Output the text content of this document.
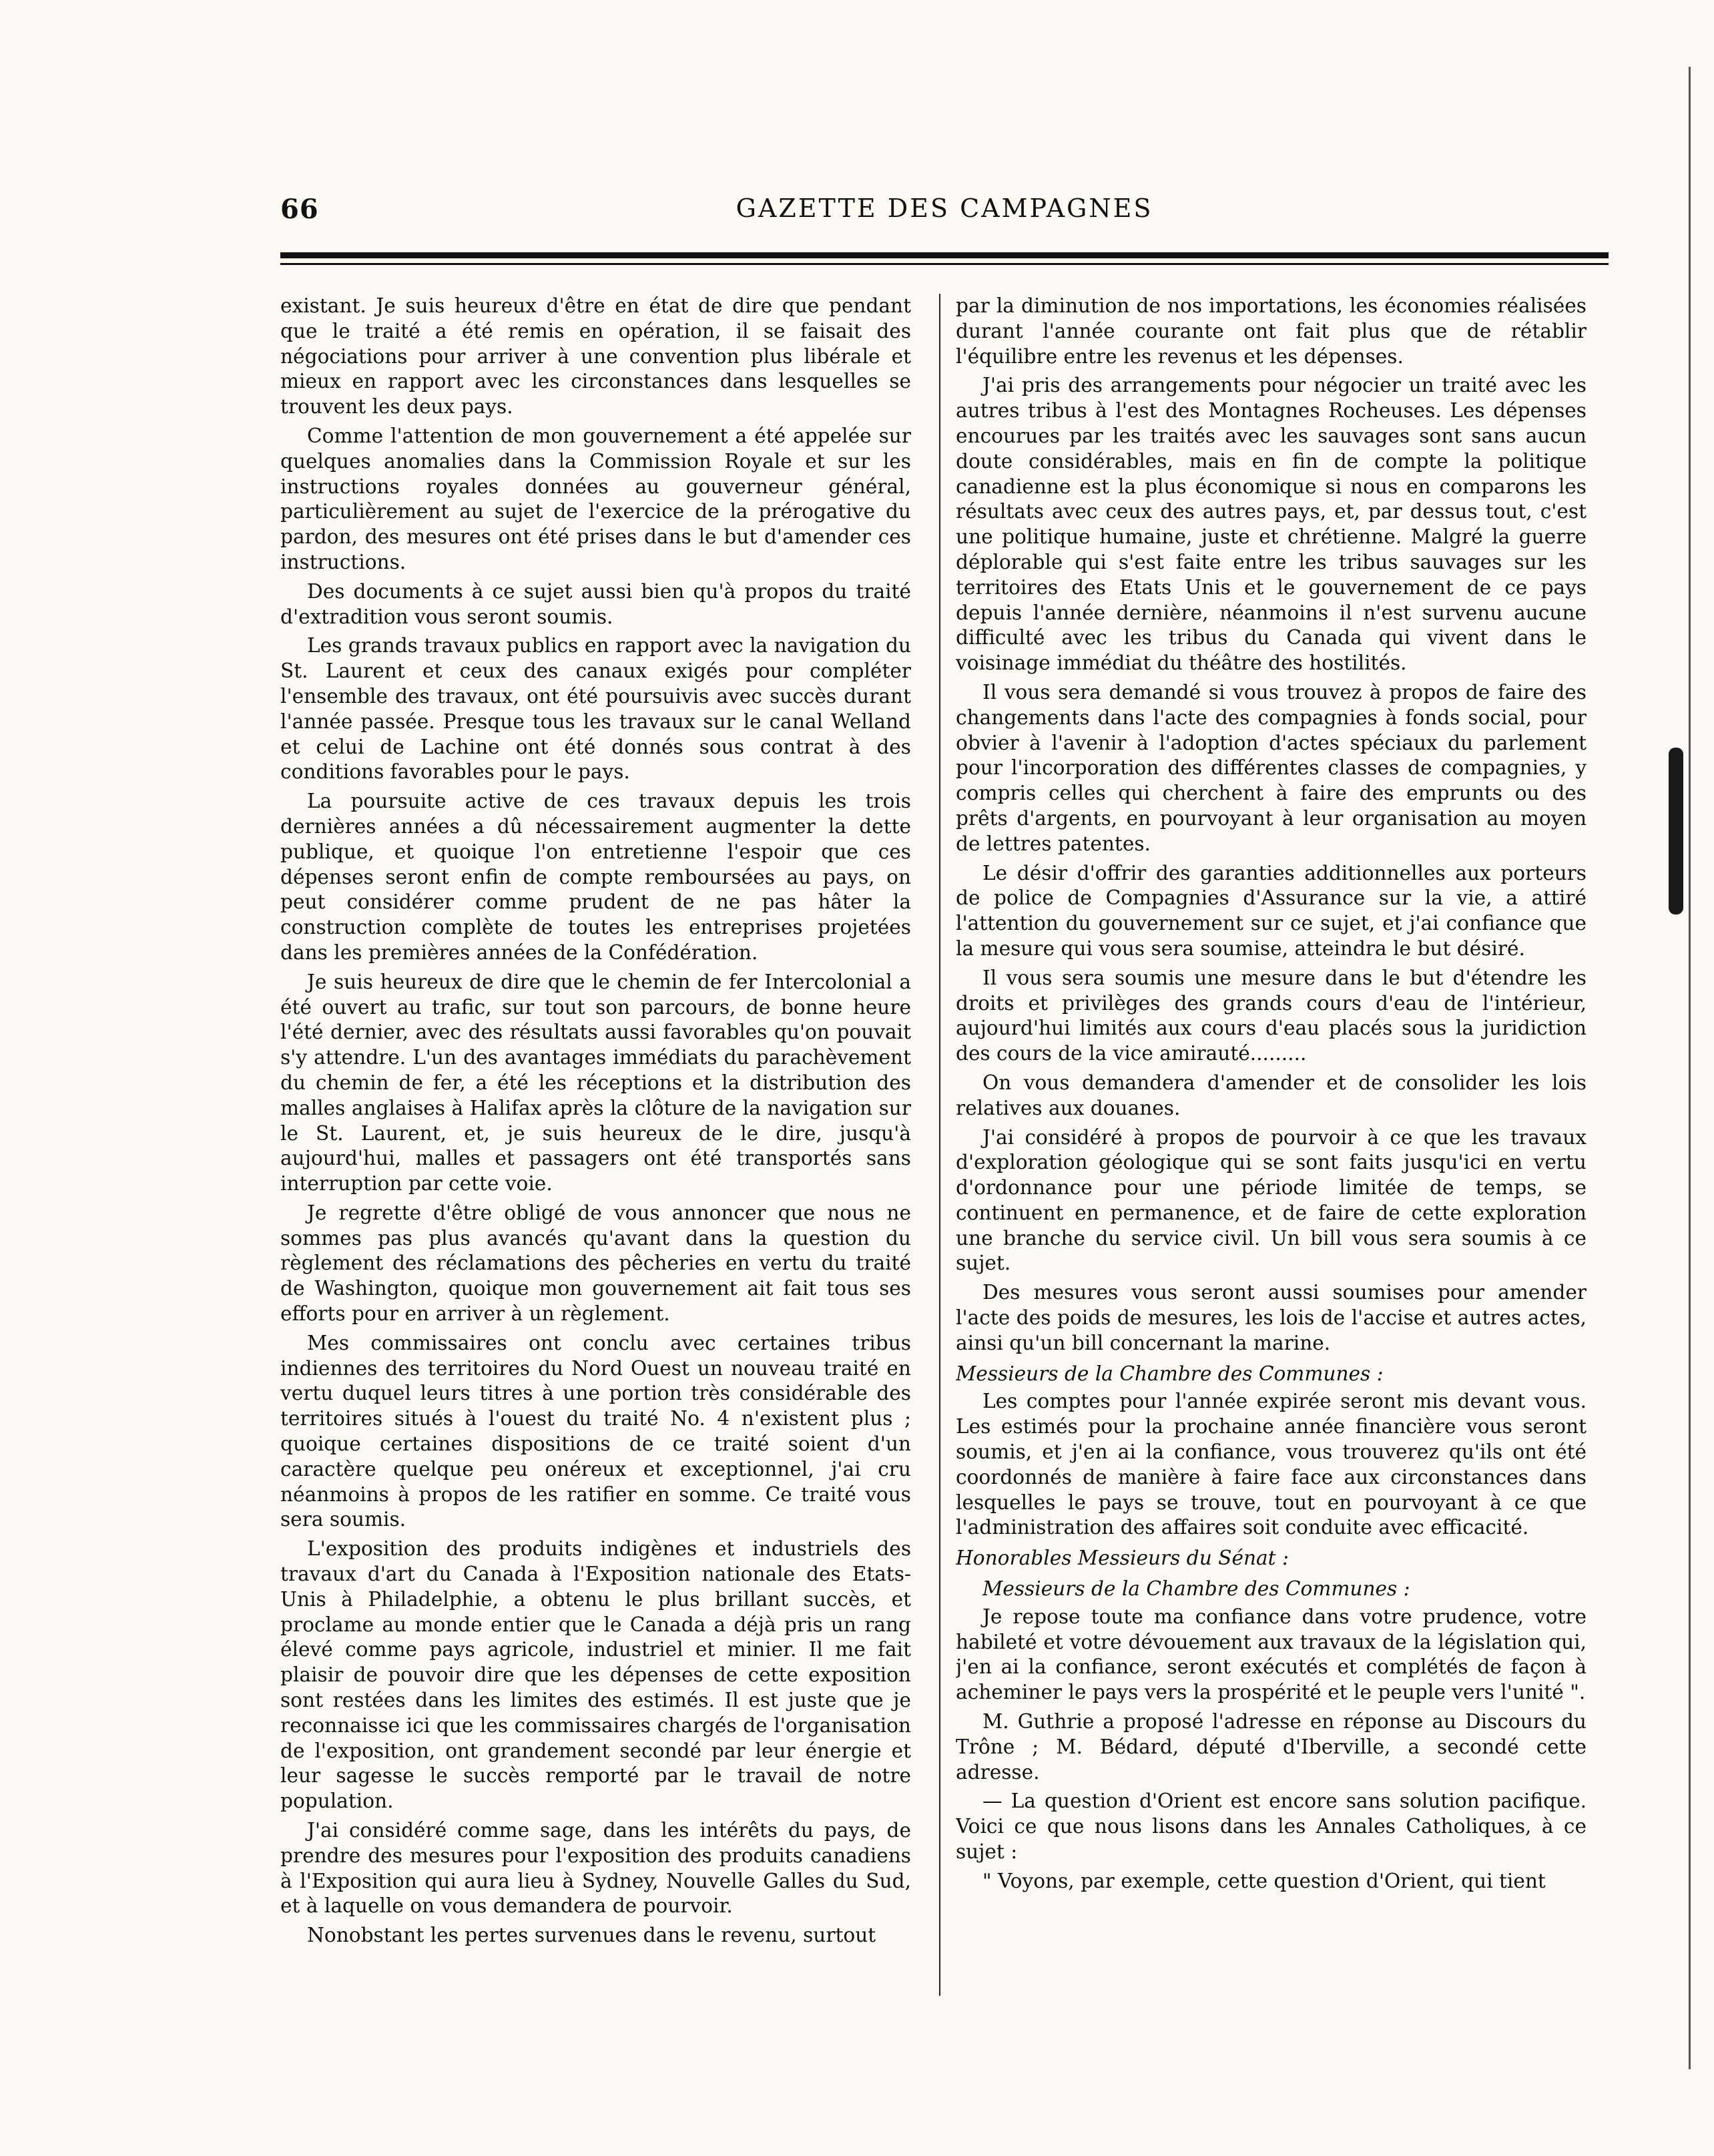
66	GAZETTE DES CAMPAGNES

existant. Je suis heureux d'être en état de dire que pendant que le traité a été remis en opération, il se faisait des négociations pour arriver à une convention plus libérale et mieux en rapport avec les circonstances dans lesquelles se trouvent les deux pays.

Comme l'attention de mon gouvernement a été appelée sur quelques anomalies dans la Commission Royale et sur les instructions royales données au gouverneur général, particulièrement au sujet de l'exercice de la prérogative du pardon, des mesures ont été prises dans le but d'amender ces instructions.

Des documents à ce sujet aussi bien qu'à propos du traité d'extradition vous seront soumis.

Les grands travaux publics en rapport avec la navigation du St. Laurent et ceux des canaux exigés pour compléter l'ensemble des travaux, ont été poursuivis avec succès durant l'année passée. Presque tous les travaux sur le canal Welland et celui de Lachine ont été donnés sous contrat à des conditions favorables pour le pays.

La poursuite active de ces travaux depuis les trois dernières années a dû nécessairement augmenter la dette publique, et quoique l'on entretienne l'espoir que ces dépenses seront enfin de compte remboursées au pays, on peut considérer comme prudent de ne pas hâter la construction complète de toutes les entreprises projetées dans les premières années de la Confédération.

Je suis heureux de dire que le chemin de fer Intercolonial a été ouvert au trafic, sur tout son parcours, de bonne heure l'été dernier, avec des résultats aussi favorables qu'on pouvait s'y attendre. L'un des avantages immédiats du parachèvement du chemin de fer, a été les réceptions et la distribution des malles anglaises à Halifax après la clôture de la navigation sur le St. Laurent, et, je suis heureux de le dire, jusqu'à aujourd'hui, malles et passagers ont été transportés sans interruption par cette voie.

Je regrette d'être obligé de vous annoncer que nous ne sommes pas plus avancés qu'avant dans la question du règlement des réclamations des pêcheries en vertu du traité de Washington, quoique mon gouvernement ait fait tous ses efforts pour en arriver à un règlement.

Mes commissaires ont conclu avec certaines tribus indiennes des territoires du Nord Ouest un nouveau traité en vertu duquel leurs titres à une portion très considérable des territoires situés à l'ouest du traité No. 4 n'existent plus ; quoique certaines dispositions de ce traité soient d'un caractère quelque peu onéreux et exceptionnel, j'ai cru néanmoins à propos de les ratifier en somme. Ce traité vous sera soumis.

L'exposition des produits indigènes et industriels des travaux d'art du Canada à l'Exposition nationale des Etats-Unis à Philadelphie, a obtenu le plus brillant succès, et proclame au monde entier que le Canada a déjà pris un rang élevé comme pays agricole, industriel et minier. Il me fait plaisir de pouvoir dire que les dépenses de cette exposition sont restées dans les limites des estimés. Il est juste que je reconnaisse ici que les commissaires chargés de l'organisation de l'exposition, ont grandement secondé par leur énergie et leur sagesse le succès remporté par le travail de notre population.

J'ai considéré comme sage, dans les intérêts du pays, de prendre des mesures pour l'exposition des produits canadiens à l'Exposition qui aura lieu à Sydney, Nouvelle Galles du Sud, et à laquelle on vous demandera de pourvoir.

Nonobstant les pertes survenues dans le revenu, surtout

par la diminution de nos importations, les économies réalisées durant l'année courante ont fait plus que de rétablir l'équilibre entre les revenus et les dépenses.

J'ai pris des arrangements pour négocier un traité avec les autres tribus à l'est des Montagnes Rocheuses. Les dépenses encourues par les traités avec les sauvages sont sans aucun doute considérables, mais en fin de compte la politique canadienne est la plus économique si nous en comparons les résultats avec ceux des autres pays, et, par dessus tout, c'est une politique humaine, juste et chrétienne. Malgré la guerre déplorable qui s'est faite entre les tribus sauvages sur les territoires des Etats Unis et le gouvernement de ce pays depuis l'année dernière, néanmoins il n'est survenu aucune difficulté avec les tribus du Canada qui vivent dans le voisinage immédiat du théâtre des hostilités.

Il vous sera demandé si vous trouvez à propos de faire des changements dans l'acte des compagnies à fonds social, pour obvier à l'avenir à l'adoption d'actes spéciaux du parlement pour l'incorporation des différentes classes de compagnies, y compris celles qui cherchent à faire des emprunts ou des prêts d'argents, en pourvoyant à leur organisation au moyen de lettres patentes.

Le désir d'offrir des garanties additionnelles aux porteurs de police de Compagnies d'Assurance sur la vie, a attiré l'attention du gouvernement sur ce sujet, et j'ai confiance que la mesure qui vous sera soumise, atteindra le but désiré.

Il vous sera soumis une mesure dans le but d'étendre les droits et privilèges des grands cours d'eau de l'intérieur, aujourd'hui limités aux cours d'eau placés sous la juridiction des cours de la vice amirauté.........

On vous demandera d'amender et de consolider les lois relatives aux douanes.

J'ai considéré à propos de pourvoir à ce que les travaux d'exploration géologique qui se sont faits jusqu'ici en vertu d'ordonnance pour une période limitée de temps, se continuent en permanence, et de faire de cette exploration une branche du service civil. Un bill vous sera soumis à ce sujet.

Des mesures vous seront aussi soumises pour amender l'acte des poids de mesures, les lois de l'accise et autres actes, ainsi qu'un bill concernant la marine.

Messieurs de la Chambre des Communes :

Les comptes pour l'année expirée seront mis devant vous. Les estimés pour la prochaine année financière vous seront soumis, et j'en ai la confiance, vous trouverez qu'ils ont été coordonnés de manière à faire face aux circonstances dans lesquelles le pays se trouve, tout en pourvoyant à ce que l'administration des affaires soit conduite avec efficacité.

Honorables Messieurs du Sénat :

Messieurs de la Chambre des Communes :

Je repose toute ma confiance dans votre prudence, votre habileté et votre dévouement aux travaux de la législation qui, j'en ai la confiance, seront exécutés et complétés de façon à acheminer le pays vers la prospérité et le peuple vers l'unité ".

M. Guthrie a proposé l'adresse en réponse au Discours du Trône ; M. Bédard, député d'Iberville, a secondé cette adresse.

— La question d'Orient est encore sans solution pacifique. Voici ce que nous lisons dans les Annales Catholiques, à ce sujet :

" Voyons, par exemple, cette question d'Orient, qui tient
